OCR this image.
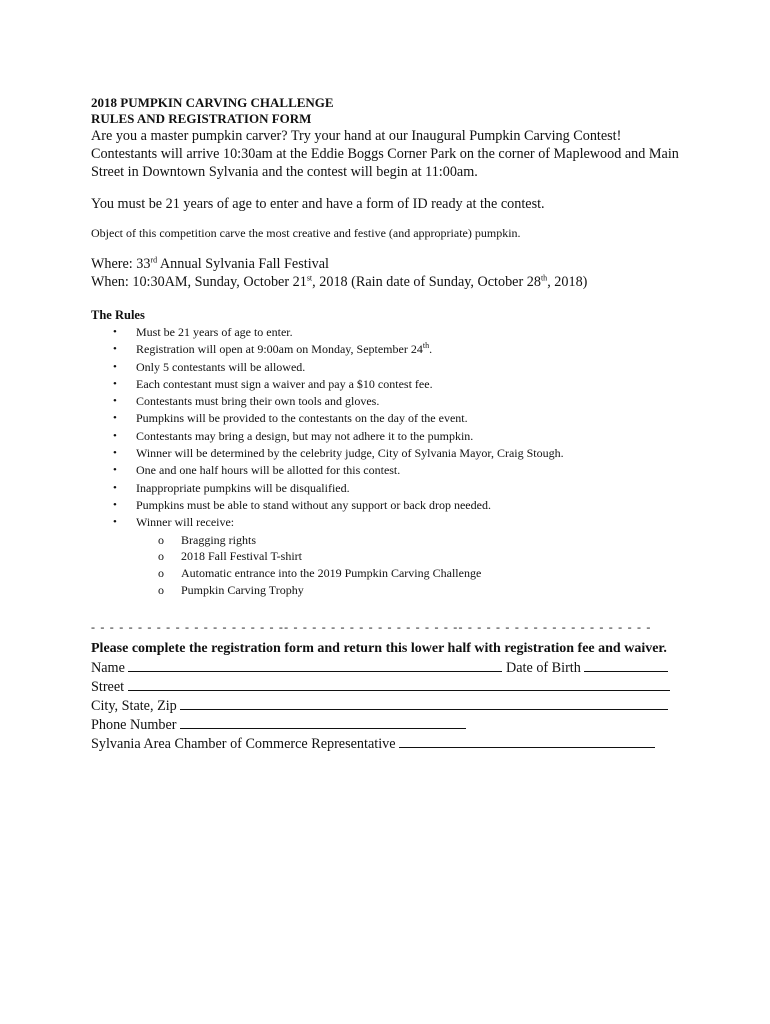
2018 PUMPKIN CARVING CHALLENGE
RULES AND REGISTRATION FORM

Are you a master pumpkin carver? Try your hand at our Inaugural Pumpkin Carving Contest! Contestants will arrive 10:30am at the Eddie Boggs Corner Park on the corner of Maplewood and Main Street in Downtown Sylvania and the contest will begin at 11:00am.

You must be 21 years of age to enter and have a form of ID ready at the contest.

Object of this competition carve the most creative and festive (and appropriate) pumpkin.

Where: 33rd Annual Sylvania Fall Festival
When: 10:30AM, Sunday, October 21st, 2018 (Rain date of Sunday, October 28th, 2018)
The Rules
• Must be 21 years of age to enter.
• Registration will open at 9:00am on Monday, September 24th.
• Only 5 contestants will be allowed.
• Each contestant must sign a waiver and pay a $10 contest fee.
• Contestants must bring their own tools and gloves.
• Pumpkins will be provided to the contestants on the day of the event.
• Contestants may bring a design, but may not adhere it to the pumpkin.
• Winner will be determined by the celebrity judge, City of Sylvania Mayor, Craig Stough.
• One and one half hours will be allotted for this contest.
• Inappropriate pumpkins will be disqualified.
• Pumpkins must be able to stand without any support or back drop needed.
• Winner will receive:
o Bragging rights
o 2018 Fall Festival T-shirt
o Automatic entrance into the 2019 Pumpkin Carving Challenge
o Pumpkin Carving Trophy
- - - - - - - - - - - - - - - - - - - - -- - - - - - - - - - - - - - - - - - -- - - - - - - - - - - - - - - - - - - - -
Please complete the registration form and return this lower half with registration fee and waiver.
Name	Date of Birth
Street
City, State, Zip
Phone Number
Sylvania Area Chamber of Commerce Representative
